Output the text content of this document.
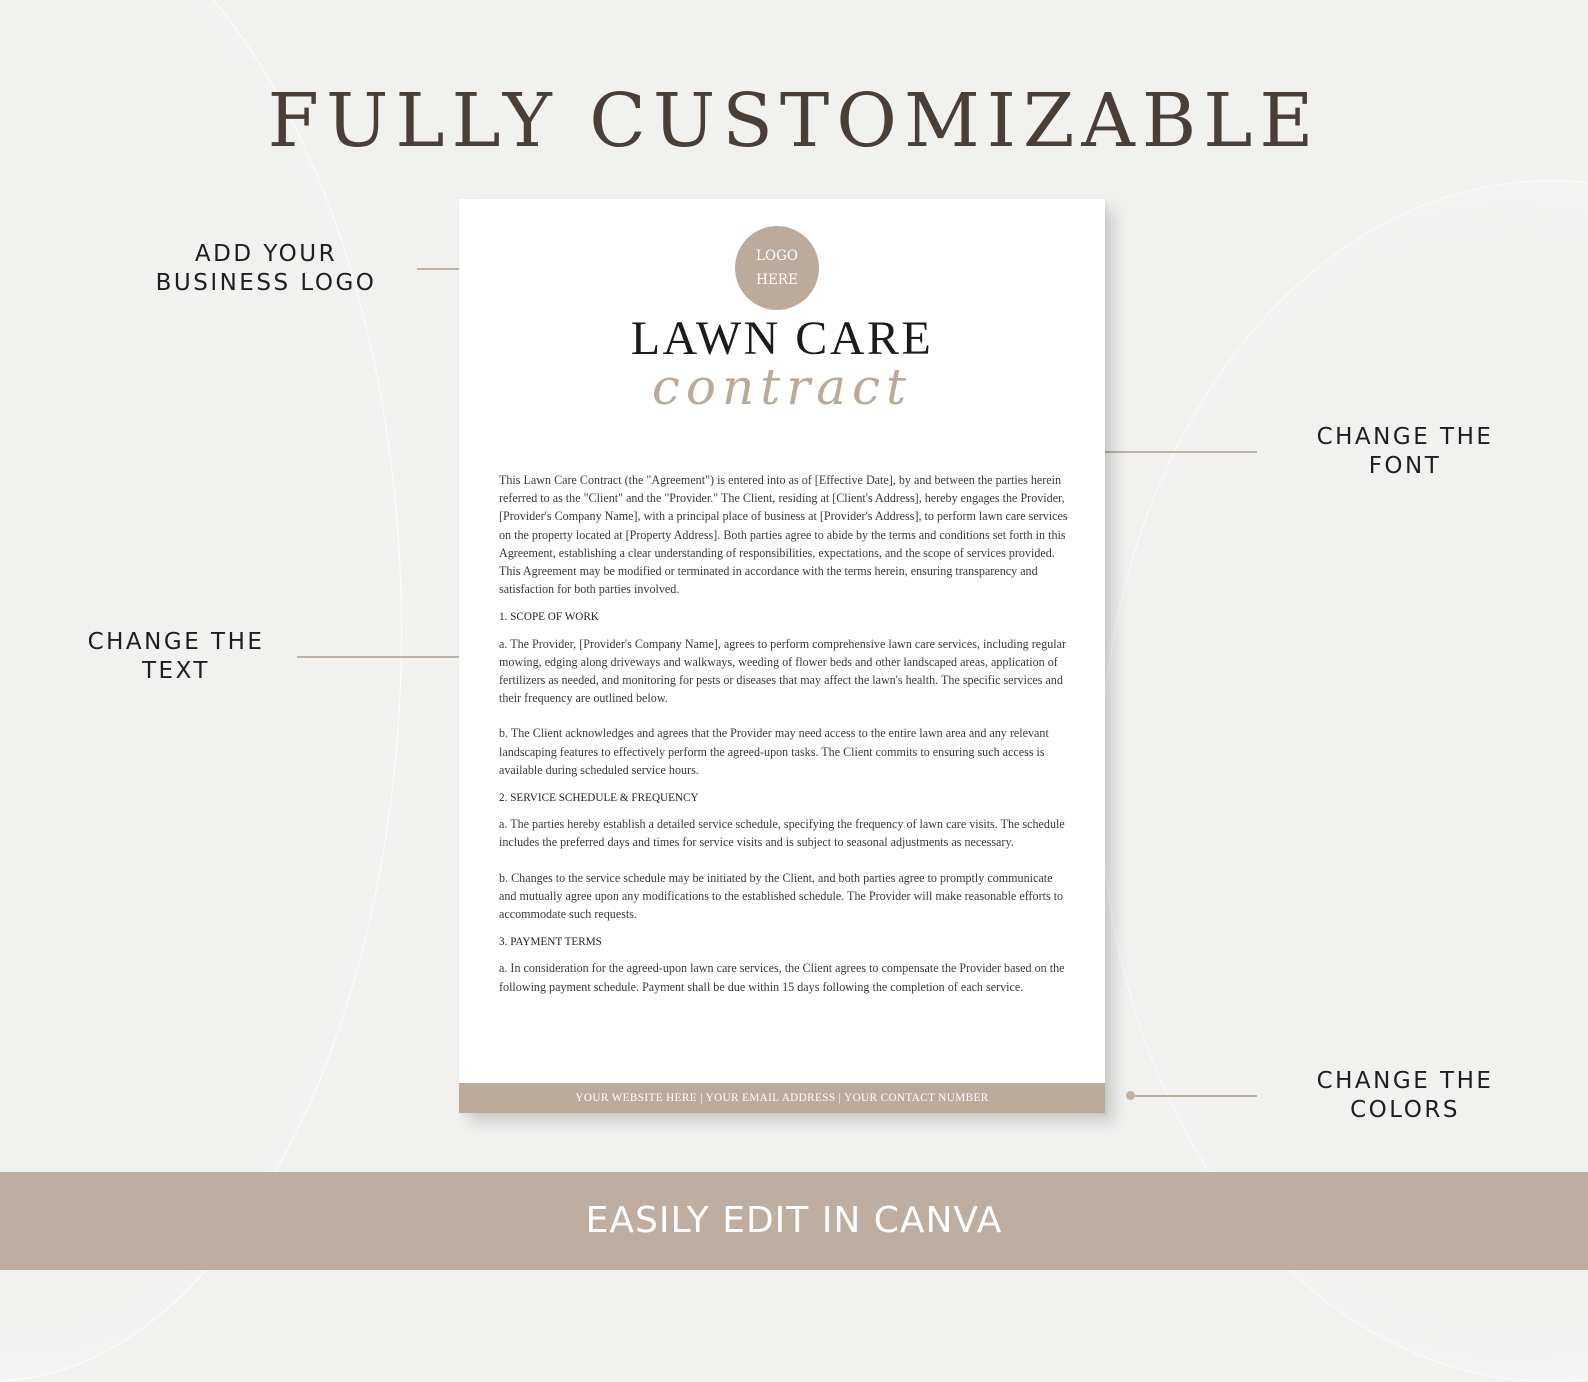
FULLY CUSTOMIZABLE
ADD YOUR
BUSINESS LOGO
CHANGE THE
FONT
CHANGE THE
TEXT
CHANGE THE
COLORS
LOGO
HERE
LAWN CARE
contract

This Lawn Care Contract (the "Agreement") is entered into as of [Effective Date], by and between the parties herein referred to as the "Client" and the "Provider." The Client, residing at [Client's Address], hereby engages the Provider, [Provider's Company Name], with a principal place of business at [Provider's Address], to perform lawn care services on the property located at [Property Address]. Both parties agree to abide by the terms and conditions set forth in this Agreement, establishing a clear understanding of responsibilities, expectations, and the scope of services provided. This Agreement may be modified or terminated in accordance with the terms herein, ensuring transparency and satisfaction for both parties involved.

1. SCOPE OF WORK

a. The Provider, [Provider's Company Name], agrees to perform comprehensive lawn care services, including regular mowing, edging along driveways and walkways, weeding of flower beds and other landscaped areas, application of fertilizers as needed, and monitoring for pests or diseases that may affect the lawn's health. The specific services and their frequency are outlined below.

b. The Client acknowledges and agrees that the Provider may need access to the entire lawn area and any relevant landscaping features to effectively perform the agreed-upon tasks. The Client commits to ensuring such access is available during scheduled service hours.

2. SERVICE SCHEDULE & FREQUENCY

a. The parties hereby establish a detailed service schedule, specifying the frequency of lawn care visits. The schedule includes the preferred days and times for service visits and is subject to seasonal adjustments as necessary.

b. Changes to the service schedule may be initiated by the Client, and both parties agree to promptly communicate and mutually agree upon any modifications to the established schedule. The Provider will make reasonable efforts to accommodate such requests.

3. PAYMENT TERMS

a. In consideration for the agreed-upon lawn care services, the Client agrees to compensate the Provider based on the following payment schedule. Payment shall be due within 15 days following the completion of each service.

YOUR WEBSITE HERE | YOUR EMAIL ADDRESS | YOUR CONTACT NUMBER
EASILY EDIT IN CANVA
